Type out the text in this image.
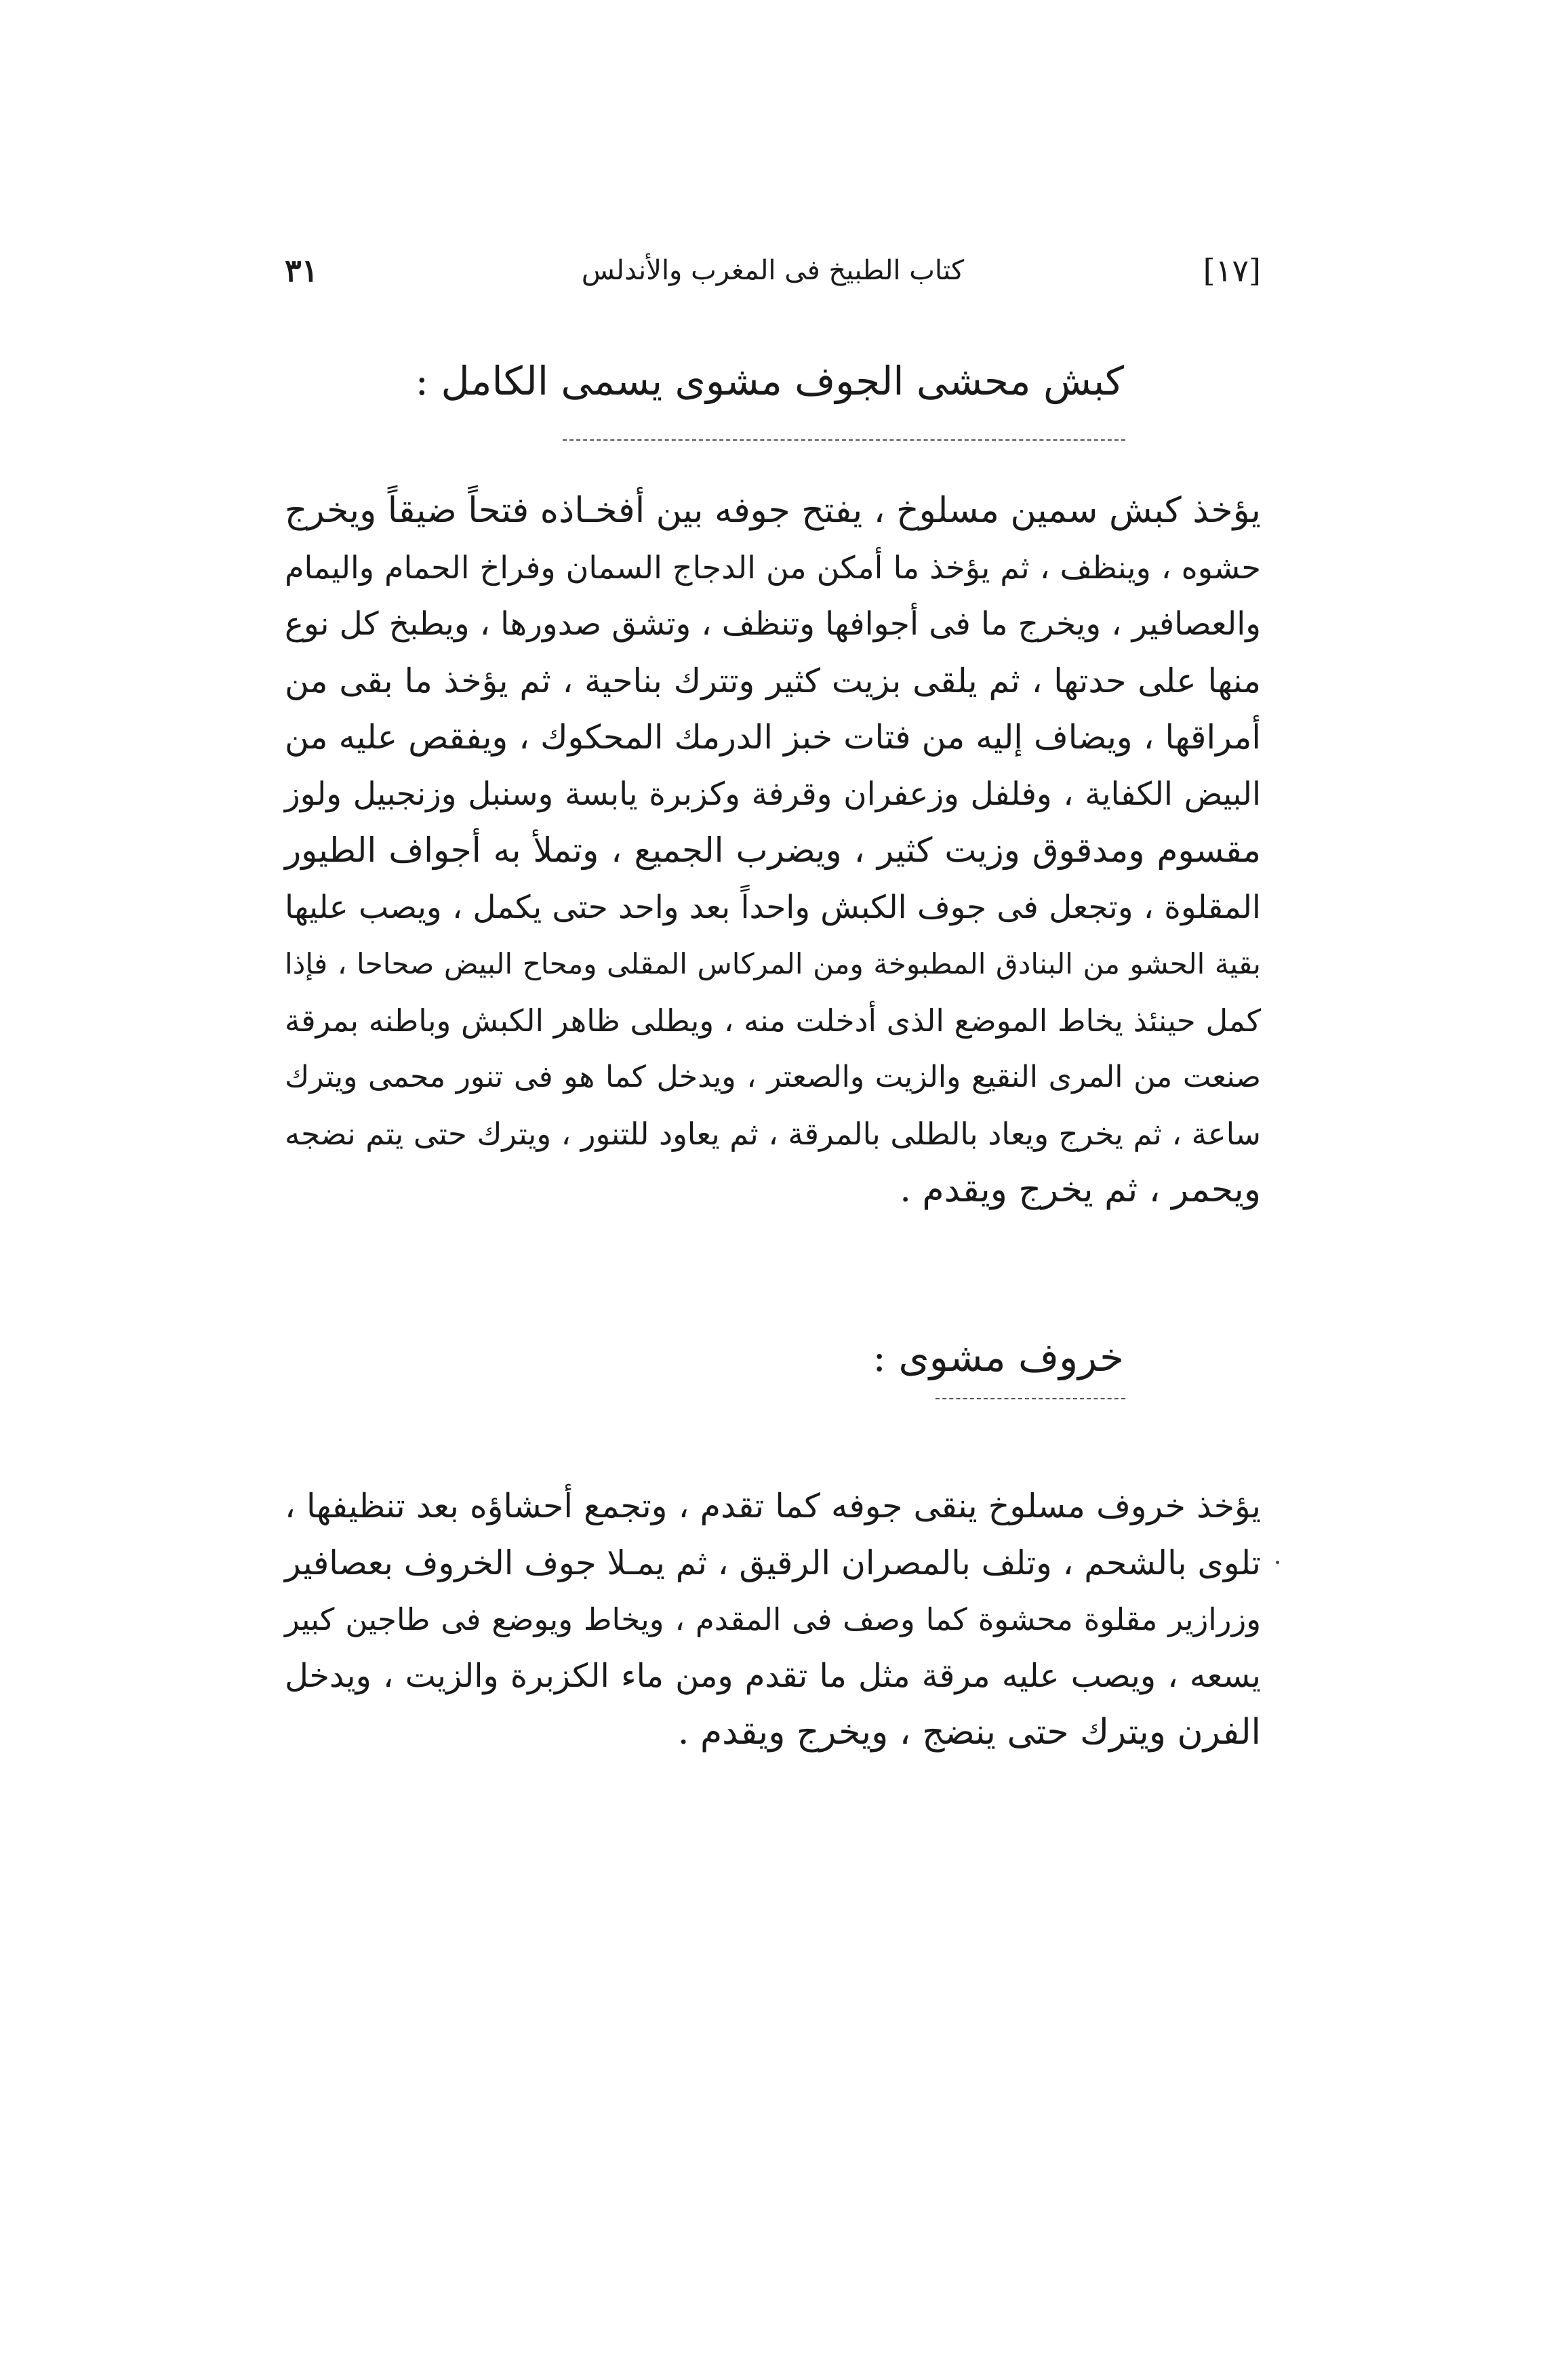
[١٧]
كتاب الطبيخ فى المغرب والأندلس
٣١
كبش محشى الجوف مشوى يسمى الكامل :
يؤخذ كبش سمين مسلوخ ، يفتح جوفه بين أفخـاذه فتحاً ضيقاً ويخرج
حشوه ، وينظف ، ثم يؤخذ ما أمكن من الدجاج السمان وفراخ الحمام واليمام
والعصافير ، ويخرج ما فى أجوافها وتنظف ، وتشق صدورها ، ويطبخ كل نوع
منها على حدتها ، ثم يلقى بزيت كثير وتترك بناحية ، ثم يؤخذ ما بقى من
أمراقها ، ويضاف إليه من فتات خبز الدرمك المحكوك ، ويفقص عليه من
البيض الكفاية ، وفلفل وزعفران وقرفة وكزبرة يابسة وسنبل وزنجبيل ولوز
مقسوم ومدقوق وزيت كثير ، ويضرب الجميع ، وتملأ به أجواف الطيور
المقلوة ، وتجعل فى جوف الكبش واحداً بعد واحد حتى يكمل ، ويصب عليها
بقية الحشو من البنادق المطبوخة ومن المركاس المقلى ومحاح البيض صحاحا ، فإذا
كمل حينئذ يخاط الموضع الذى أدخلت منه ، ويطلى ظاهر الكبش وباطنه بمرقة
صنعت من المرى النقيع والزيت والصعتر ، ويدخل كما هو فى تنور محمى ويترك
ساعة ، ثم يخرج ويعاد بالطلى بالمرقة ، ثم يعاود للتنور ، ويترك حتى يتم نضجه
ويحمر ، ثم يخرج ويقدم .
خروف مشوى :
يؤخذ خروف مسلوخ ينقى جوفه كما تقدم ، وتجمع أحشاؤه بعد تنظيفها ،
تلوى بالشحم ، وتلف بالمصران الرقيق ، ثم يمـلا جوف الخروف بعصافير
وزرازير مقلوة محشوة كما وصف فى المقدم ، ويخاط ويوضع فى طاجين كبير
يسعه ، ويصب عليه مرقة مثل ما تقدم ومن ماء الكزبرة والزيت ، ويدخل
الفرن ويترك حتى ينضج ، ويخرج ويقدم .
